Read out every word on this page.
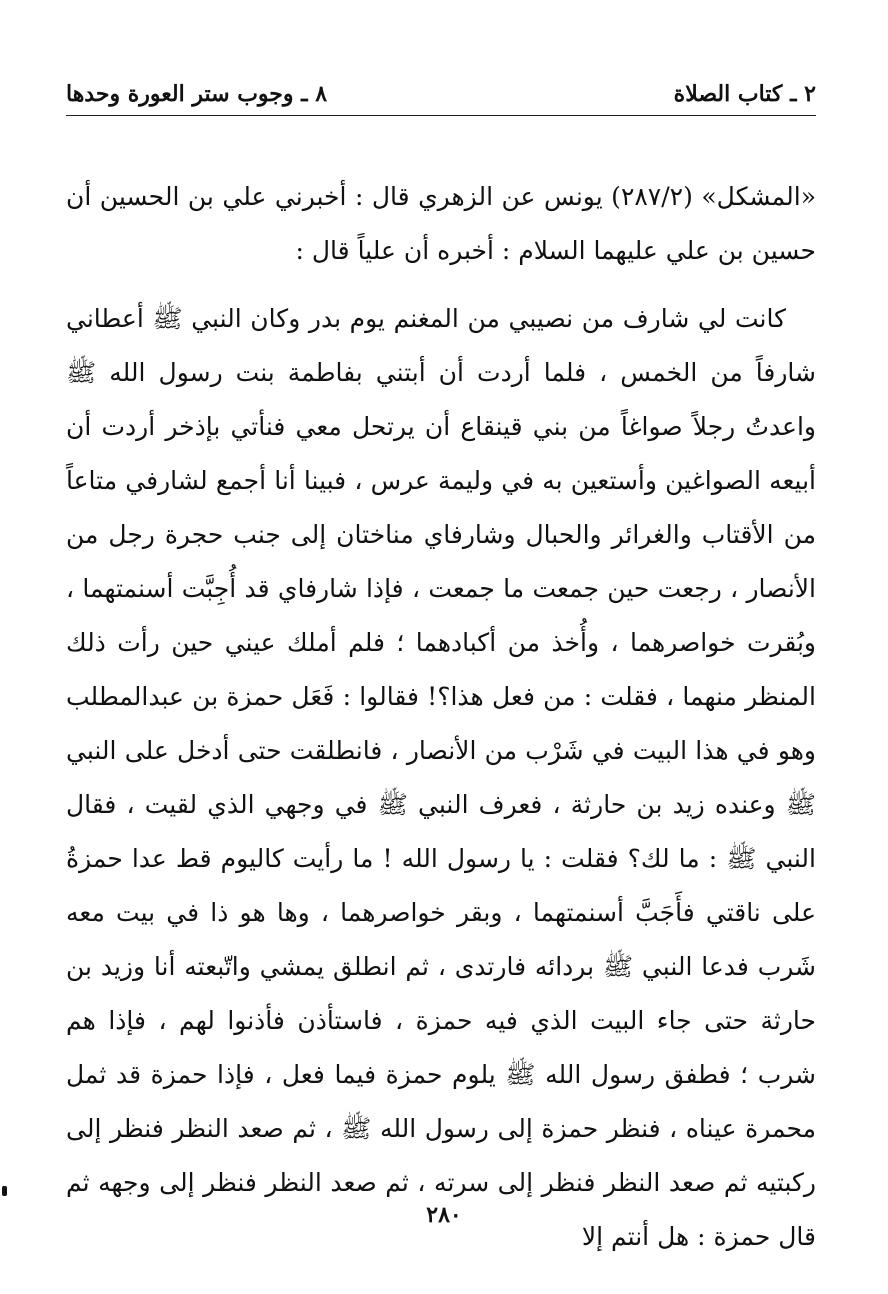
٢ ـ كتاب الصلاة
٨ ـ وجوب ستر العورة وحدها

«المشكل» (٢٨٧/٢) يونس عن الزهري قال : أخبرني علي بن الحسين أن حسين بن علي عليهما السلام : أخبره أن علياً قال :

كانت لي شارف من نصيبي من المغنم يوم بدر وكان النبي ﷺ أعطاني شارفاً من الخمس ، فلما أردت أن أبتني بفاطمة بنت رسول الله ﷺ واعدتُ رجلاً صواغاً من بني قينقاع أن يرتحل معي فنأتي بإذخر أردت أن أبيعه الصواغين وأستعين به في وليمة عرس ، فبينا أنا أجمع لشارفي متاعاً من الأقتاب والغرائر والحبال وشارفاي مناختان إلى جنب حجرة رجل من الأنصار ، رجعت حين جمعت ما جمعت ، فإذا شارفاي قد أُجِبَّت أسنمتهما ، وبُقرت خواصرهما ، وأُخذ من أكبادهما ؛ فلم أملك عيني حين رأت ذلك المنظر منهما ، فقلت : من فعل هذا؟! فقالوا : فَعَل حمزة بن عبدالمطلب وهو في هذا البيت في شَرْب من الأنصار ، فانطلقت حتى أدخل على النبي ﷺ وعنده زيد بن حارثة ، فعرف النبي ﷺ في وجهي الذي لقيت ، فقال النبي ﷺ : ما لك؟ فقلت : يا رسول الله ! ما رأيت كاليوم قط عدا حمزةُ على ناقتي فأَجَبَّ أسنمتهما ، وبقر خواصرهما ، وها هو ذا في بيت معه شَرب فدعا النبي ﷺ بردائه فارتدى ، ثم انطلق يمشي واتّبعته أنا وزيد بن حارثة حتى جاء البيت الذي فيه حمزة ، فاستأذن فأذنوا لهم ، فإذا هم شرب ؛ فطفق رسول الله ﷺ يلوم حمزة فيما فعل ، فإذا حمزة قد ثمل محمرة عيناه ، فنظر حمزة إلى رسول الله ﷺ ، ثم صعد النظر فنظر إلى ركبتيه ثم صعد النظر فنظر إلى سرته ، ثم صعد النظر فنظر إلى وجهه ثم قال حمزة : هل أنتم إلا

٢٨٠
